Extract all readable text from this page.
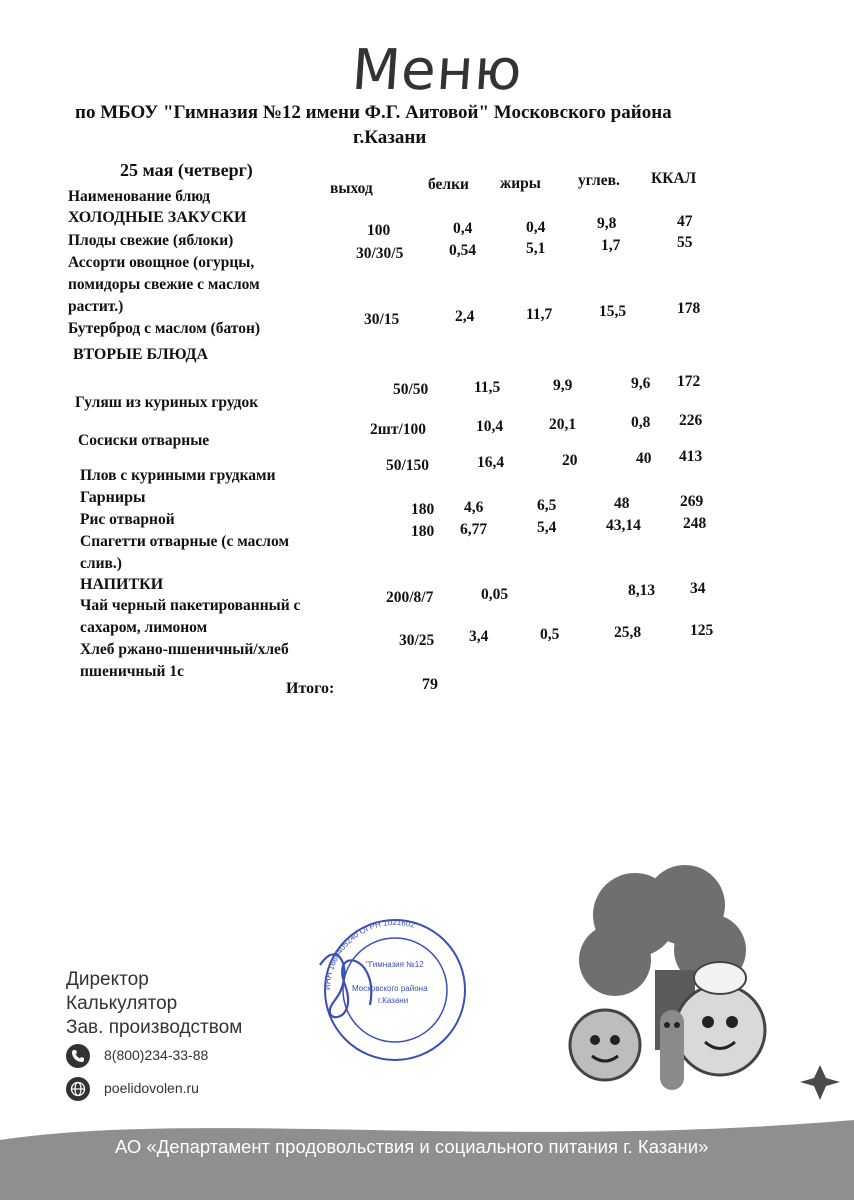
Меню
по МБОУ "Гимназия №12 имени Ф.Г. Аитовой" Московского района
г.Казани
25 мая (четверг)
Наименование блюд	выход	белки жиры углев. ККАЛ
ХОЛОДНЫЕ ЗАКУСКИ
Плоды свежие (яблоки)
100	0,4	0,4	9,8	47
Ассорти овощное (огурцы,
помидоры свежие с маслом
растит.)
30/30/5	0,54	5,1	1,7	55
Бутерброд с маслом (батон)
30/15	2,4	11,7	15,5	178
ВТОРЫЕ БЛЮДА
Гуляш из куриных грудок
50/50	11,5	9,9	9,6 172
Сосиски отварные
2шт/100	10,4	20,1	0,8 226
Плов с куриными грудками
50/150	16,4	20	40 413
Гарниры
Рис отварной
180 4,6	6,5	48	269
Спагетти отварные (с маслом
слив.)
180 6,77	5,4	43,14	248
НАПИТКИ
Чай черный пакетированный с
сахаром, лимоном
200/8/7	0,05	8,13 34
Хлеб ржано-пшеничный/хлеб
пшеничный 1с
30/25 3,4	0,5	25,8	125
Итого:	79
ИНН 1660405240 ОГРН 1021602
"Гимназия №12
Московского района
г.Казани
Директор
Калькулятор
Зав. производством
8(800)234-33-88
poelidovolen.ru
АО «Департамент продовольствия и социального питания г. Казани»
